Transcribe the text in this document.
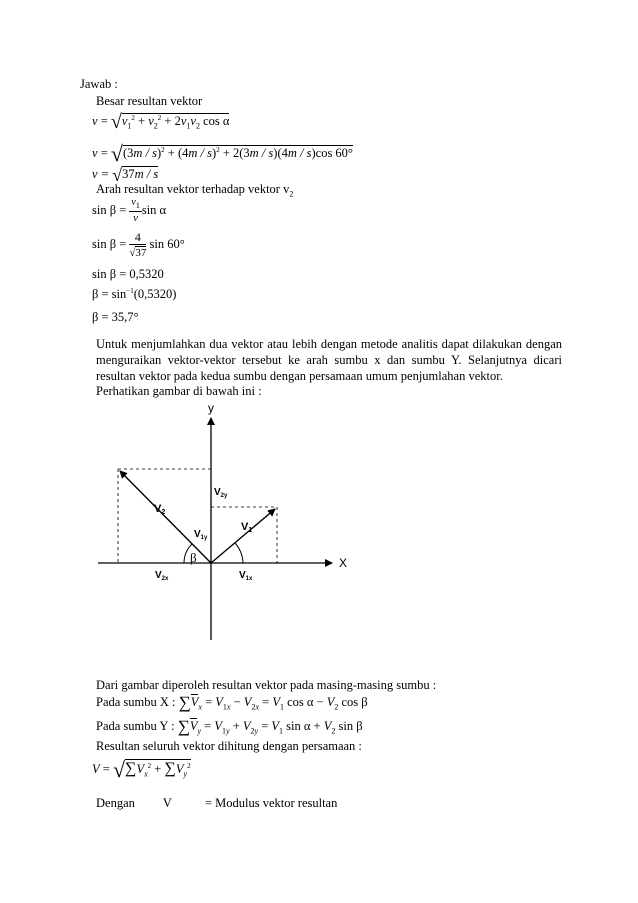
Jawab :
Besar resultan vektor
$v = √v_1^2 + v_2^2 + 2v_1v_2$ cos α
v = √(3m / s)$^2$ + (4m / s)$^2$ + 2(3m / s)(4m / s)cos 60°
v = √37m / s
Arah resultan vektor terhadap vektor $v_2$
$\sin \beta = \frac{v_1}{v}$ sin α
$\sin \beta = \frac{4}{√37}$ sin 60°
sin β = 0,5320
$\beta = \sin^{-1}(0,5320)$
β = 35,7°
Untuk menjumlahkan dua vektor atau lebih dengan metode analitis dapat dilakukan dengan menguraikan vektor-vektor tersebut ke arah sumbu x dan sumbu Y. Selanjutnya dicari resultan vektor pada kedua sumbu dengan persamaan umum penjumlahan vektor.
Perhatikan gambar di bawah ini :
y
X
V2
V1
$V_{2y}$
$V_{1y}$
$V_{2x}$	$V_{1x}$
β
Dari gambar diperoleh resultan vektor pada masing-masing sumbu :
Pada sumbu X : $\sum V_x = V_{1x} - V_{2x} = V_1$ $\cos \alpha - V_2$ cos β
Pada sumbu Y : $\sum V_y = V_{1y} + V_{2y} = V_1$ $\sin \alpha + V_2$ sin β
Resultan seluruh vektor dihitung dengan persamaan :
$V = √\sum V_x^2 + \sum V_y^2$
Dengan V	= Modulus vektor resultan
